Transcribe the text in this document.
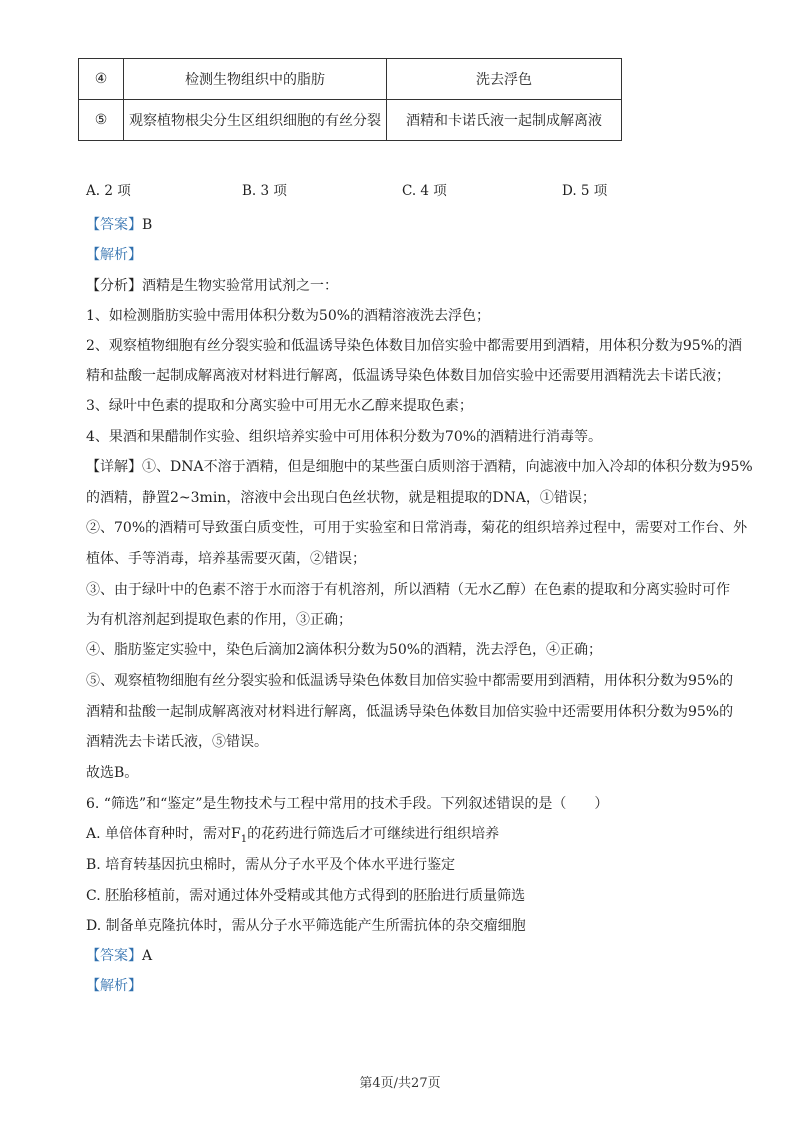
④	检测生物组织中的脂肪	洗去浮色
⑤	观察植物根尖分生区组织细胞的有丝分裂	酒精和卡诺氏液一起制成解离液
A. 2 项	B. 3 项	C. 4 项	D. 5 项
【答案】B
【解析】
【分析】酒精是生物实验常用试剂之一：
1、如检测脂肪实验中需用体积分数为50%的酒精溶液洗去浮色；
2、观察植物细胞有丝分裂实验和低温诱导染色体数目加倍实验中都需要用到酒精，用体积分数为95%的酒
精和盐酸一起制成解离液对材料进行解离，低温诱导染色体数目加倍实验中还需要用酒精洗去卡诺氏液；
3、绿叶中色素的提取和分离实验中可用无水乙醇来提取色素；
4、果酒和果醋制作实验、组织培养实验中可用体积分数为70%的酒精进行消毒等。
【详解】①、DNA不溶于酒精，但是细胞中的某些蛋白质则溶于酒精，向滤液中加入冷却的体积分数为95%
的酒精，静置2~3min，溶液中会出现白色丝状物，就是粗提取的DNA，①错误；
②、70%的酒精可导致蛋白质变性，可用于实验室和日常消毒，菊花的组织培养过程中，需要对工作台、外
植体、手等消毒，培养基需要灭菌，②错误；
③、由于绿叶中的色素不溶于水而溶于有机溶剂，所以酒精（无水乙醇）在色素的提取和分离实验时可作
为有机溶剂起到提取色素的作用，③正确；
④、脂肪鉴定实验中，染色后滴加2滴体积分数为50%的酒精，洗去浮色，④正确；
⑤、观察植物细胞有丝分裂实验和低温诱导染色体数目加倍实验中都需要用到酒精，用体积分数为95%的
酒精和盐酸一起制成解离液对材料进行解离，低温诱导染色体数目加倍实验中还需要用体积分数为95%的
酒精洗去卡诺氏液，⑤错误。
故选B。
6. “筛选”和“鉴定”是生物技术与工程中常用的技术手段。下列叙述错误的是（　　）
A. 单倍体育种时，需对$F_1$的花药进行筛选后才可继续进行组织培养
B. 培育转基因抗虫棉时，需从分子水平及个体水平进行鉴定
C. 胚胎移植前，需对通过体外受精或其他方式得到的胚胎进行质量筛选
D. 制备单克隆抗体时，需从分子水平筛选能产生所需抗体的杂交瘤细胞
【答案】A
【解析】
第4页/共27页
